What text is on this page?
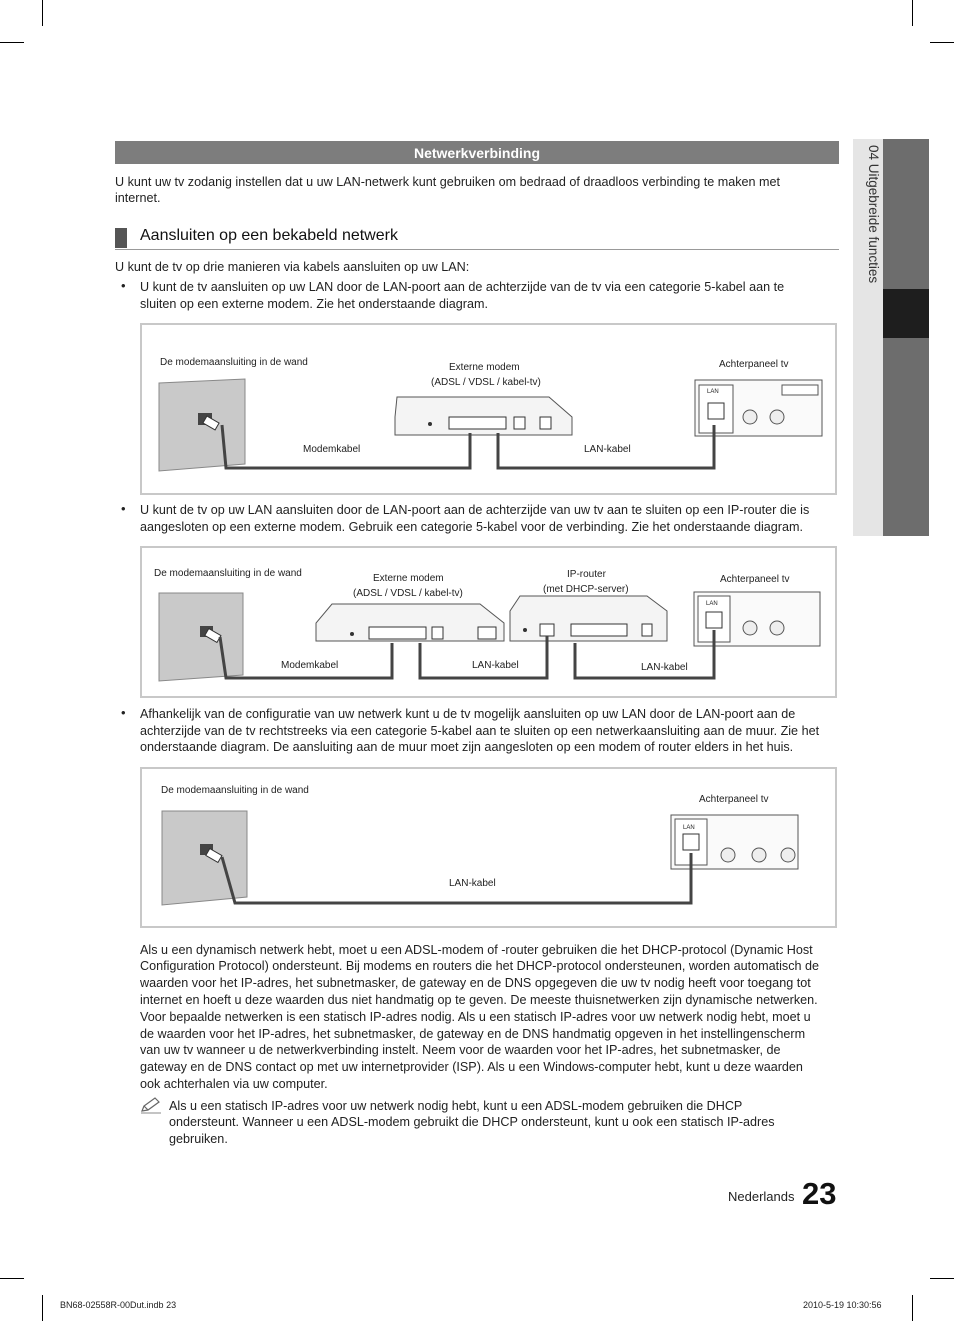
04 Uitgebreide functies
Netwerkverbinding
U kunt uw tv zodanig instellen dat u uw LAN-netwerk kunt gebruiken om bedraad of draadloos verbinding te maken met
internet.
Aansluiten op een bekabeld netwerk
U kunt de tv op drie manieren via kabels aansluiten op uw LAN:
• U kunt de tv aansluiten op uw LAN door de LAN-poort aan de achterzijde van de tv via een categorie 5-kabel aan te
sluiten op een externe modem. Zie het onderstaande diagram.
De modemaansluiting in de wand	Externe modem
(ADSL / VDSL / kabel-tv)
Achterpaneel tv
LAN
Modemkabel	LAN-kabel
• U kunt de tv op uw LAN aansluiten door de LAN-poort aan de achterzijde van uw tv aan te sluiten op een IP-router die is
aangesloten op een externe modem. Gebruik een categorie 5-kabel voor de verbinding. Zie het onderstaande diagram.
De modemaansluiting in de wand	Externe modem
(ADSL / VDSL / kabel-tv)
IP-router
(met DHCP-server)
Achterpaneel tv
LAN
Modemkabel	LAN-kabel	LAN-kabel
• Afhankelijk van de configuratie van uw netwerk kunt u de tv mogelijk aansluiten op uw LAN door de LAN-poort aan de
achterzijde van de tv rechtstreeks via een categorie 5-kabel aan te sluiten op een netwerkaansluiting aan de muur. Zie het
onderstaande diagram. De aansluiting aan de muur moet zijn aangesloten op een modem of router elders in het huis.
De modemaansluiting in de wand
Achterpaneel tv
LAN
LAN-kabel
Als u een dynamisch netwerk hebt, moet u een ADSL-modem of -router gebruiken die het DHCP-protocol (Dynamic Host
Configuration Protocol) ondersteunt. Bij modems en routers die het DHCP-protocol ondersteunen, worden automatisch de
waarden voor het IP-adres, het subnetmasker, de gateway en de DNS opgegeven die uw tv nodig heeft voor toegang tot
internet en hoeft u deze waarden dus niet handmatig op te geven. De meeste thuisnetwerken zijn dynamische netwerken.
Voor bepaalde netwerken is een statisch IP-adres nodig. Als u een statisch IP-adres voor uw netwerk nodig hebt, moet u
de waarden voor het IP-adres, het subnetmasker, de gateway en de DNS handmatig opgeven in het instellingenscherm
van uw tv wanneer u de netwerkverbinding instelt. Neem voor de waarden voor het IP-adres, het subnetmasker, de
gateway en de DNS contact op met uw internetprovider (ISP). Als u een Windows-computer hebt, kunt u deze waarden
ook achterhalen via uw computer.
Als u een statisch IP-adres voor uw netwerk nodig hebt, kunt u een ADSL-modem gebruiken die DHCP
ondersteunt. Wanneer u een ADSL-modem gebruikt die DHCP ondersteunt, kunt u ook een statisch IP-adres
gebruiken.
Nederlands 23
BN68-02558R-00Dut.indb 23	2010-5-19 10:30:56
